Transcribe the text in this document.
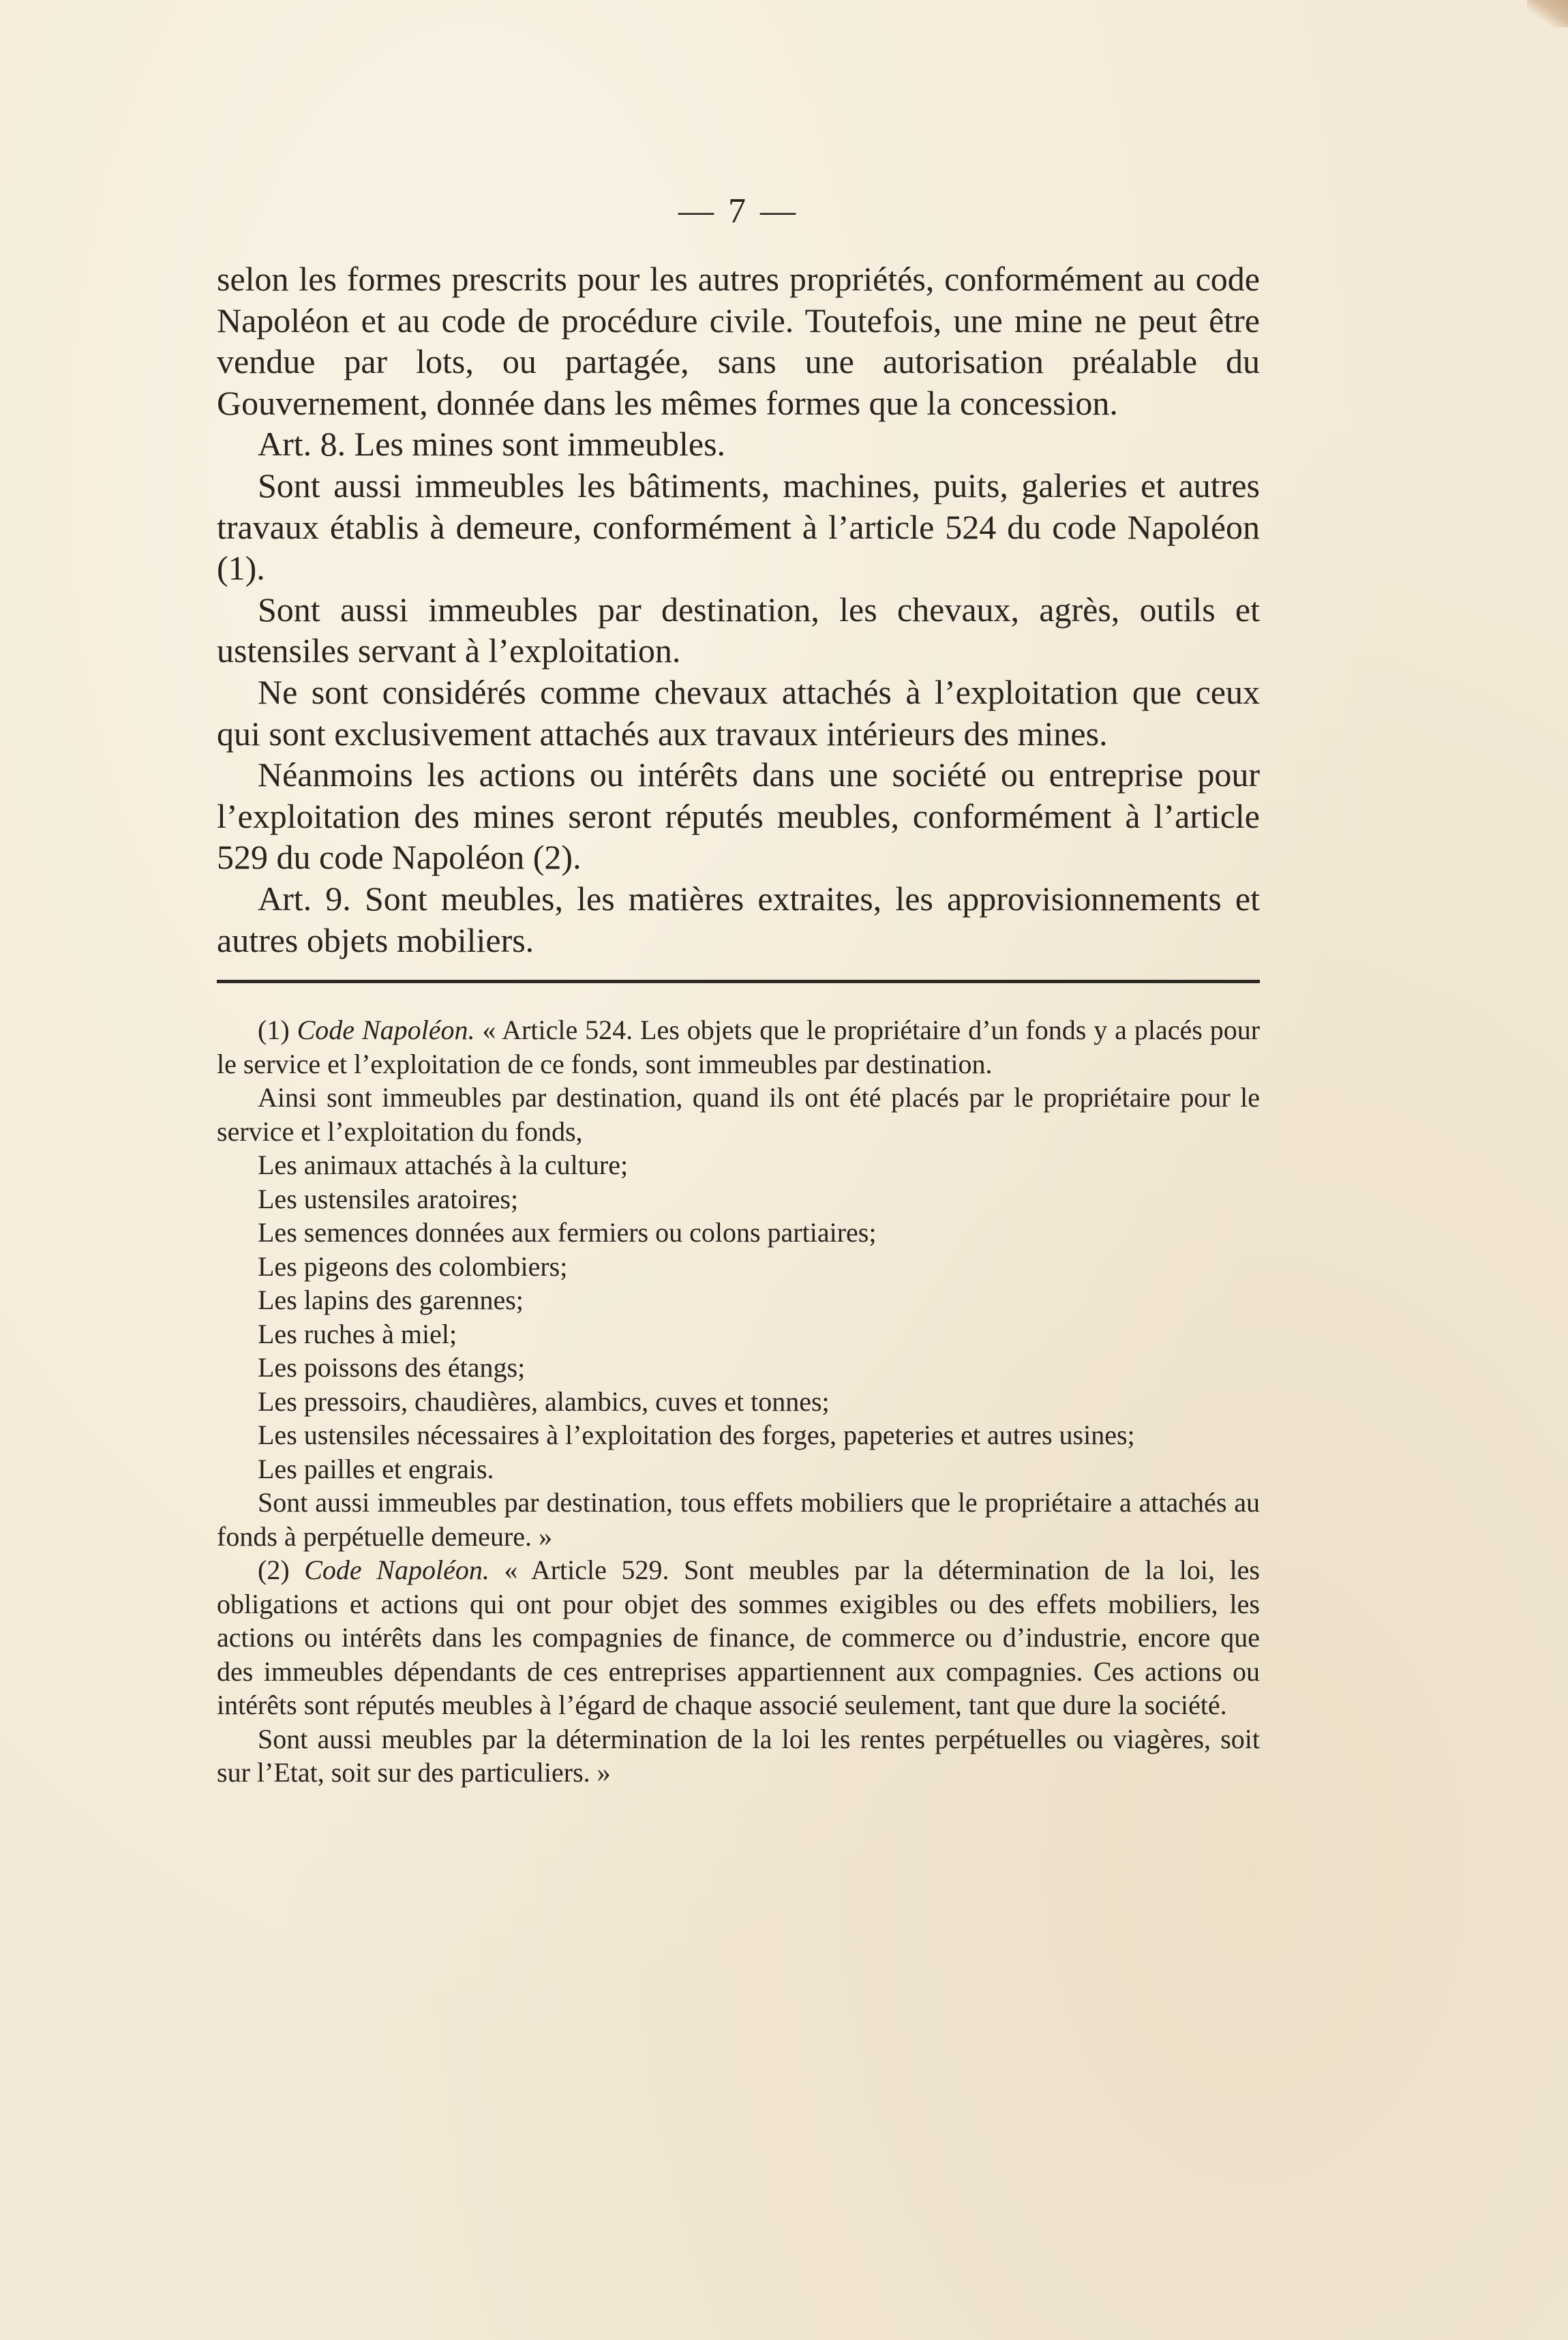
— 7 —

selon les formes prescrits pour les autres propriétés, conformément au code Napoléon et au code de procédure civile. Toutefois, une mine ne peut être vendue par lots, ou partagée, sans une autorisation préalable du Gouvernement, donnée dans les mêmes formes que la concession.

Art. 8. Les mines sont immeubles.

Sont aussi immeubles les bâtiments, machines, puits, galeries et autres travaux établis à demeure, conformément à l’article 524 du code Napoléon (1).

Sont aussi immeubles par destination, les chevaux, agrès, outils et ustensiles servant à l’exploitation.

Ne sont considérés comme chevaux attachés à l’exploitation que ceux qui sont exclusivement attachés aux travaux intérieurs des mines.

Néanmoins les actions ou intérêts dans une société ou entreprise pour l’exploitation des mines seront réputés meubles, conformément à l’article 529 du code Napoléon (2).

Art. 9. Sont meubles, les matières extraites, les approvisionnements et autres objets mobiliers.

(1) Code Napoléon. « Article 524. Les objets que le propriétaire d’un fonds y a placés pour le service et l’exploitation de ce fonds, sont immeubles par destination.

Ainsi sont immeubles par destination, quand ils ont été placés par le propriétaire pour le service et l’exploitation du fonds,

Les animaux attachés à la culture;

Les ustensiles aratoires;

Les semences données aux fermiers ou colons partiaires;

Les pigeons des colombiers;

Les lapins des garennes;

Les ruches à miel;

Les poissons des étangs;

Les pressoirs, chaudières, alambics, cuves et tonnes;

Les ustensiles nécessaires à l’exploitation des forges, papeteries et autres usines;

Les pailles et engrais.

Sont aussi immeubles par destination, tous effets mobiliers que le propriétaire a attachés au fonds à perpétuelle demeure. »

(2) Code Napoléon. « Article 529. Sont meubles par la détermination de la loi, les obligations et actions qui ont pour objet des sommes exigibles ou des effets mobiliers, les actions ou intérêts dans les compagnies de finance, de commerce ou d’industrie, encore que des immeubles dépendants de ces entreprises appartiennent aux compagnies. Ces actions ou intérêts sont réputés meubles à l’égard de chaque associé seulement, tant que dure la société.

Sont aussi meubles par la détermination de la loi les rentes perpétuelles ou viagères, soit sur l’Etat, soit sur des particuliers. »
